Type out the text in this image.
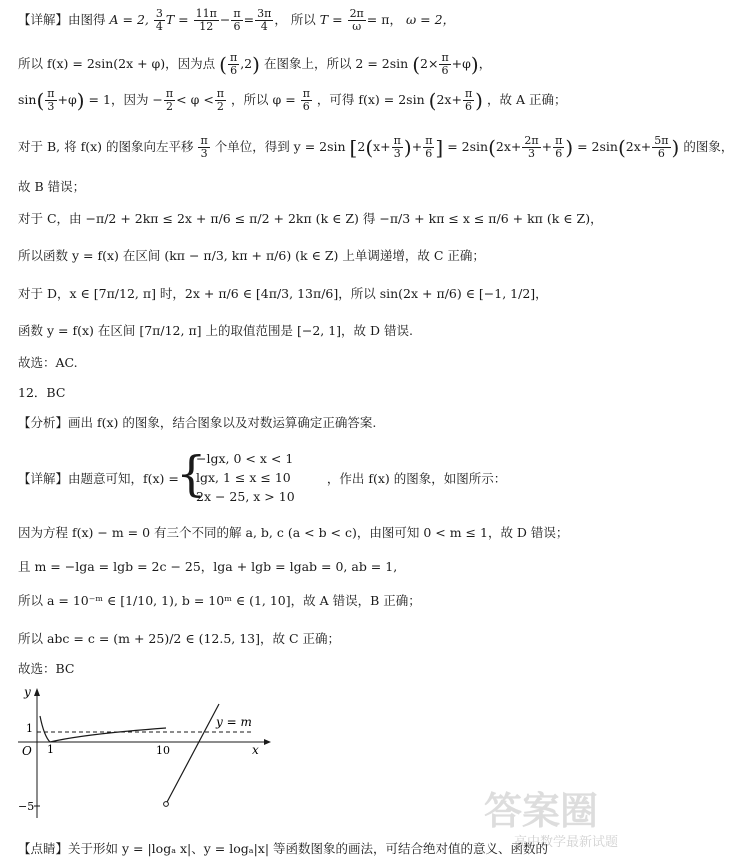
【详解】由图得 A = 2, $\frac{3}{4}$ $T = \frac{11\pi}{12} - \frac{\pi}{6} = \frac{3\pi}{4}$ ， 所以 $T = \frac{2\pi}{\omega} = \pi$， ω = 2，
所以 f(x) = 2sin(2x + φ)，因为点 ( $\frac{\pi}{6} ,2$) 在图象上，所以 2 = 2sin $(2\times \frac{\pi}{6} +\varphi)$，
$\sin( \frac{\pi}{3} +\varphi) = 1$，因为 − $\frac{\pi}{2} < \varphi < \frac{\pi}{2}$ ，所以 $\varphi = \frac{\pi}{6}$ ，可得 f(x) = 2sin ($2x+ \frac{\pi}{6}$ ) ，故 A 正确；
对于 B, 将 f(x) 的图象向左平移 $\frac{\pi}{3}$ 个单位，得到 y = 2sin [$2(x+ \frac{\pi}{3}$ )+ $\frac{\pi}{6}$ ] = $2\sin(2x+ \frac{2\pi}{3} + \frac{\pi}{6}$ ) = $2\sin(2x+ \frac{5\pi}{6}$ ) 的图象，
故 B 错误；
对于 C，由 −π/2 + 2kπ ≤ 2x + π/6 ≤ π/2 + 2kπ (k ∈ Z) 得 −π/3 + kπ ≤ x ≤ π/6 + kπ (k ∈ Z)，
所以函数 y = f(x) 在区间 (kπ − π/3, kπ + π/6) (k ∈ Z) 上单调递增，故 C 正确；
对于 D，x ∈ [7π/12, π] 时，2x + π/6 ∈ [4π/3, 13π/6]，所以 sin(2x + π/6) ∈ [−1, 1/2]，
函数 y = f(x) 在区间 [7π/12, π] 上的取值范围是 [−2, 1]，故 D 错误.
故选：AC.
12．BC
【分析】画出 f(x) 的图象，结合图象以及对数运算确定正确答案.
【详解】由题意可知，f(x) =	，作出 f(x) 的图象，如图所示：
{
−lgx, 0 < x < 1
lgx, 1 ≤ x ≤ 10
2x − 25, x > 10
因为方程 f(x) − m = 0 有三个不同的解 a, b, c (a < b < c)，由图可知 0 < m ≤ 1，故 D 错误；
且 m = −lga = lgb = 2c − 25，lga + lgb = lgab = 0, ab = 1,
所以 a = 10⁻ᵐ ∈ [1/10, 1), b = 10ᵐ ∈ (1, 10]，故 A 错误，B 正确；
所以 abc = c = (m + 25)/2 ∈ (12.5, 13]，故 C 正确；
故选：BC
y
x
O
1
1	10
−5
y = m
【点睛】关于形如 y = |logₐ x|、y = logₐ|x| 等函数图象的画法，可结合绝对值的意义、函数的
答案圈
高中数学最新试题
